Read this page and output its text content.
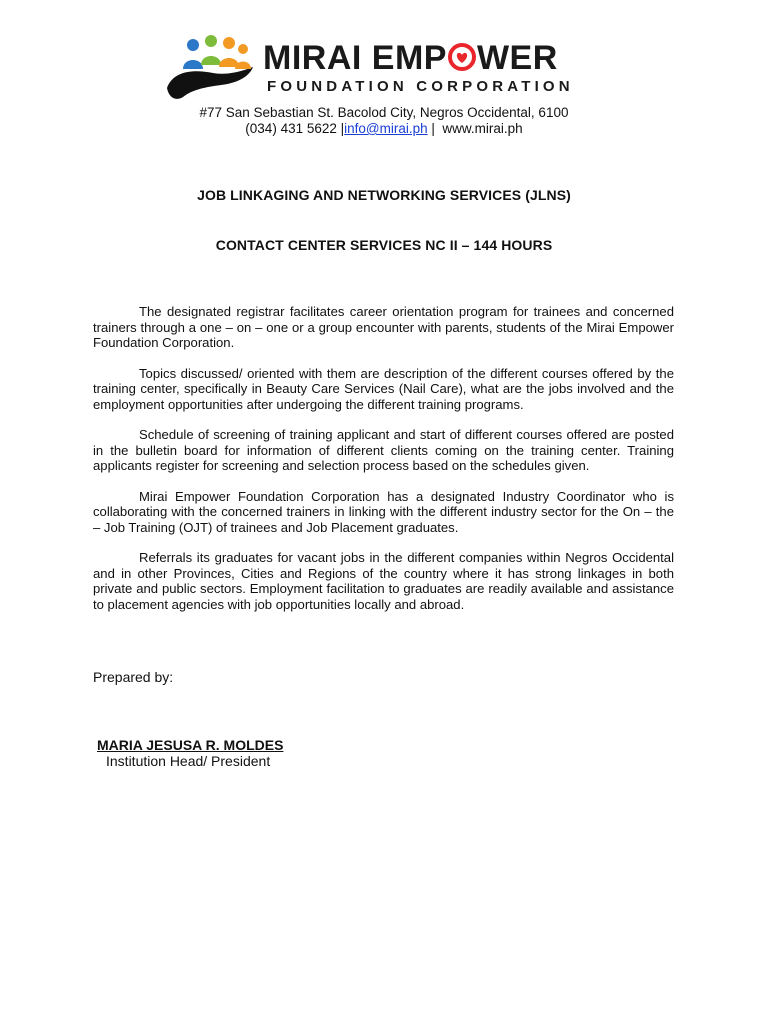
MIRAI EMP WER
FOUNDATION CORPORATION
#77 San Sebastian St. Bacolod City, Negros Occidental, 6100
(034) 431 5622 |info@mirai.ph |  www.mirai.ph
JOB LINKAGING AND NETWORKING SERVICES (JLNS)
CONTACT CENTER SERVICES NC II – 144 HOURS

The designated registrar facilitates career orientation program for trainees and concerned trainers through a one – on – one or a group encounter with parents, students of the Mirai Empower Foundation Corporation.

Topics discussed/ oriented with them are description of the different courses offered by the training center, specifically in Beauty Care Services (Nail Care), what are the jobs involved and the employment opportunities after undergoing the different training programs.

Schedule of screening of training applicant and start of different courses offered are posted in the bulletin board for information of different clients coming on the training center. Training applicants register for screening and selection process based on the schedules given.

Mirai Empower Foundation Corporation has a designated Industry Coordinator who is collaborating with the concerned trainers in linking with the different industry sector for the On – the – Job Training (OJT) of trainees and Job Placement graduates.

Referrals its graduates for vacant jobs in the different companies within Negros Occidental and in other Provinces, Cities and Regions of the country where it has strong linkages in both private and public sectors. Employment facilitation to graduates are readily available and assistance to placement agencies with job opportunities locally and abroad.

Prepared by:
MARIA JESUSA R. MOLDES
Institution Head/ President
